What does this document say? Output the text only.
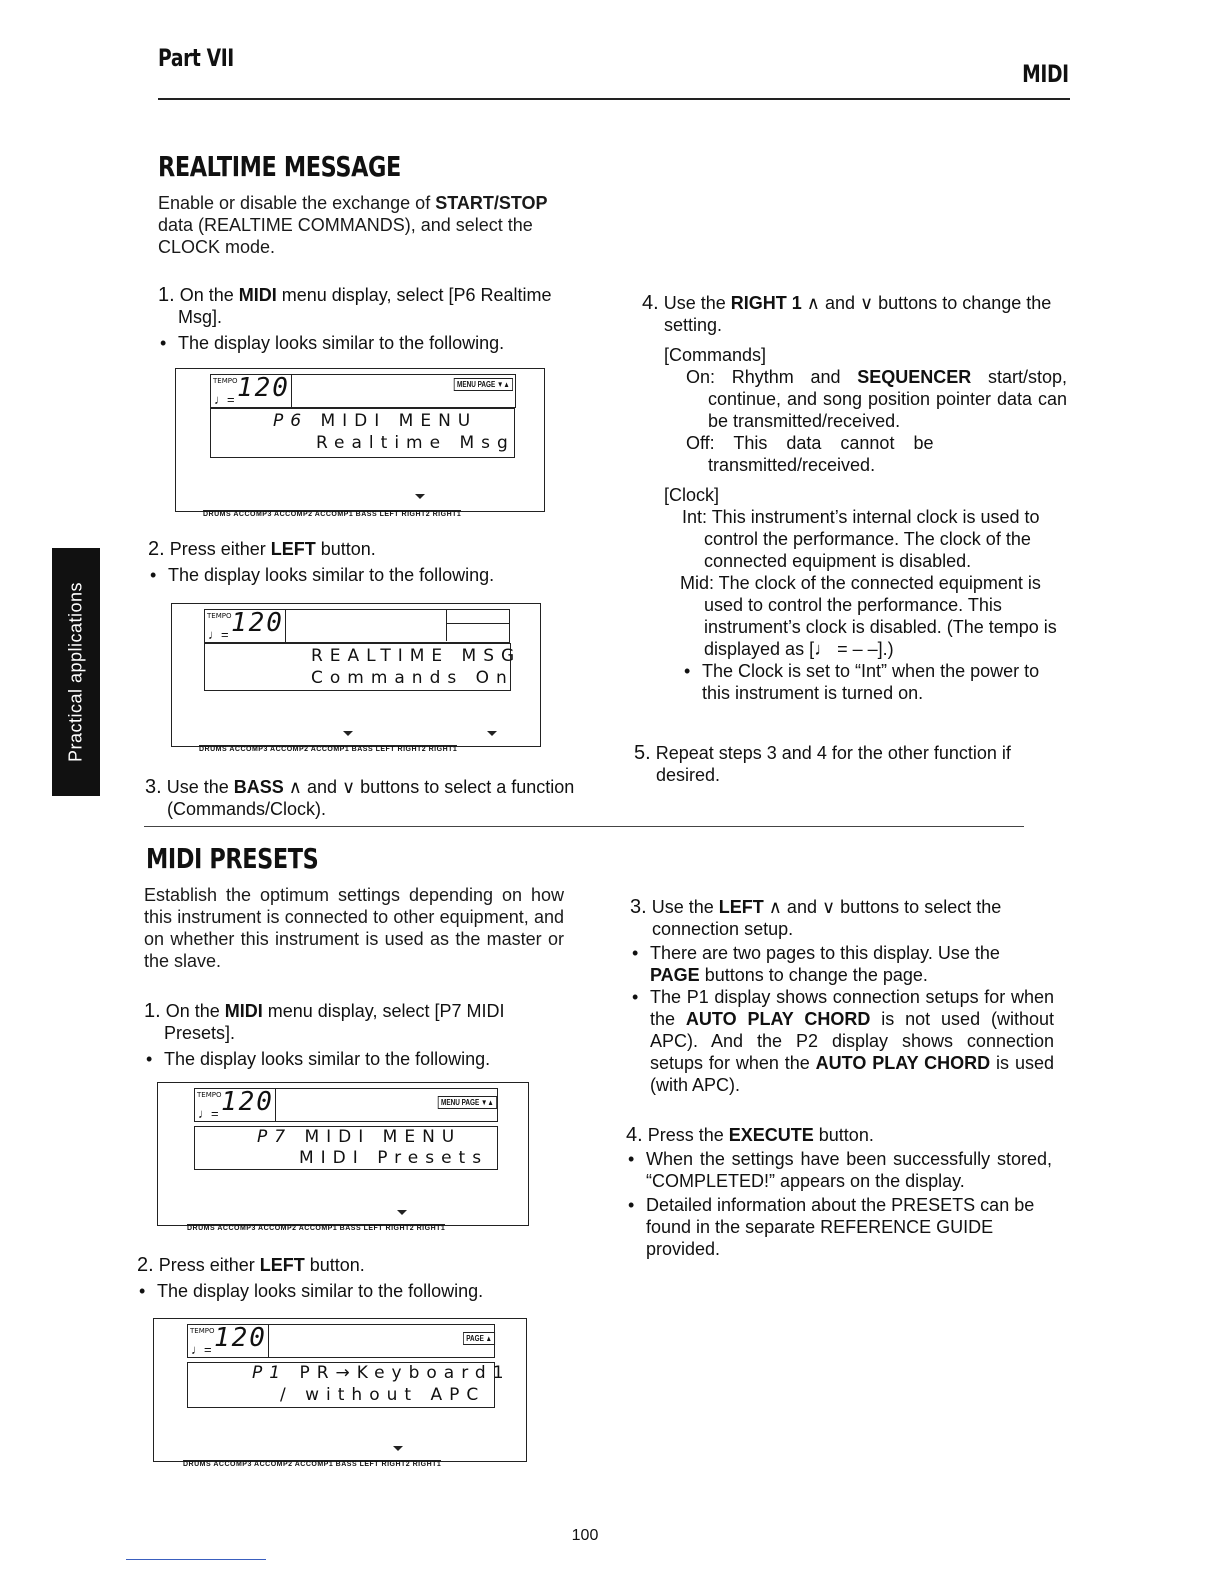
Part VII
MIDI
Practical applications
REALTIME MESSAGE
Enable or disable the exchange of START/STOP data (REALTIME COMMANDS), and select the CLOCK mode.
1. On the MIDI menu display, select [P6 Realtime Msg].
• The display looks similar to the following.
TEMPO
♩= 120	MENU PAGE ▼▲
P6 MIDI MENU
Realtime Msg
DRUMS ACCOMP3 ACCOMP2 ACCOMP1 BASS LEFT RIGHT2 RIGHT1
2. Press either LEFT button.
• The display looks similar to the following.
TEMPO
♩= 120
REALTIME MSG
Commands On
DRUMS ACCOMP3 ACCOMP2 ACCOMP1 BASS LEFT RIGHT2 RIGHT1
3. Use the BASS ∧ and ∨ buttons to select a function (Commands/Clock).
4. Use the RIGHT 1 ∧ and ∨ buttons to change the setting.
[Commands]
On: Rhythm and SEQUENCER start/stop, continue, and song position pointer data can be transmitted/received.
Off: This data cannot be transmitted/received.
[Clock]
Int: This instrument’s internal clock is used to control the performance. The clock of the connected equipment is disabled.
Mid: The clock of the connected equipment is used to control the performance. This instrument’s clock is disabled. (The tempo is displayed as [♩ = – –].)
• The Clock is set to “Int” when the power to this instrument is turned on.
5. Repeat steps 3 and 4 for the other function if desired.
MIDI PRESETS
Establish the optimum settings depending on how this instrument is connected to other equipment, and on whether this instrument is used as the master or the slave.
1. On the MIDI menu display, select [P7 MIDI Presets].
• The display looks similar to the following.
TEMPO
♩= 120	MENU PAGE ▼▲
P7 MIDI MENU
MIDI Presets
DRUMS ACCOMP3 ACCOMP2 ACCOMP1 BASS LEFT RIGHT2 RIGHT1
2. Press either LEFT button.
• The display looks similar to the following.
TEMPO
♩= 120	PAGE ▲
P1 PR→Keyboard1
/ without APC
DRUMS ACCOMP3 ACCOMP2 ACCOMP1 BASS LEFT RIGHT2 RIGHT1
3. Use the LEFT ∧ and ∨ buttons to select the connection setup.
• There are two pages to this display. Use the PAGE buttons to change the page.
• The P1 display shows connection setups for when the AUTO PLAY CHORD is not used (without APC). And the P2 display shows connection setups for when the AUTO PLAY CHORD is used (with APC).
4. Press the EXECUTE button.
• When the settings have been successfully stored, “COMPLETED!” appears on the display.
• Detailed information about the PRESETS can be found in the separate REFERENCE GUIDE provided.
100
